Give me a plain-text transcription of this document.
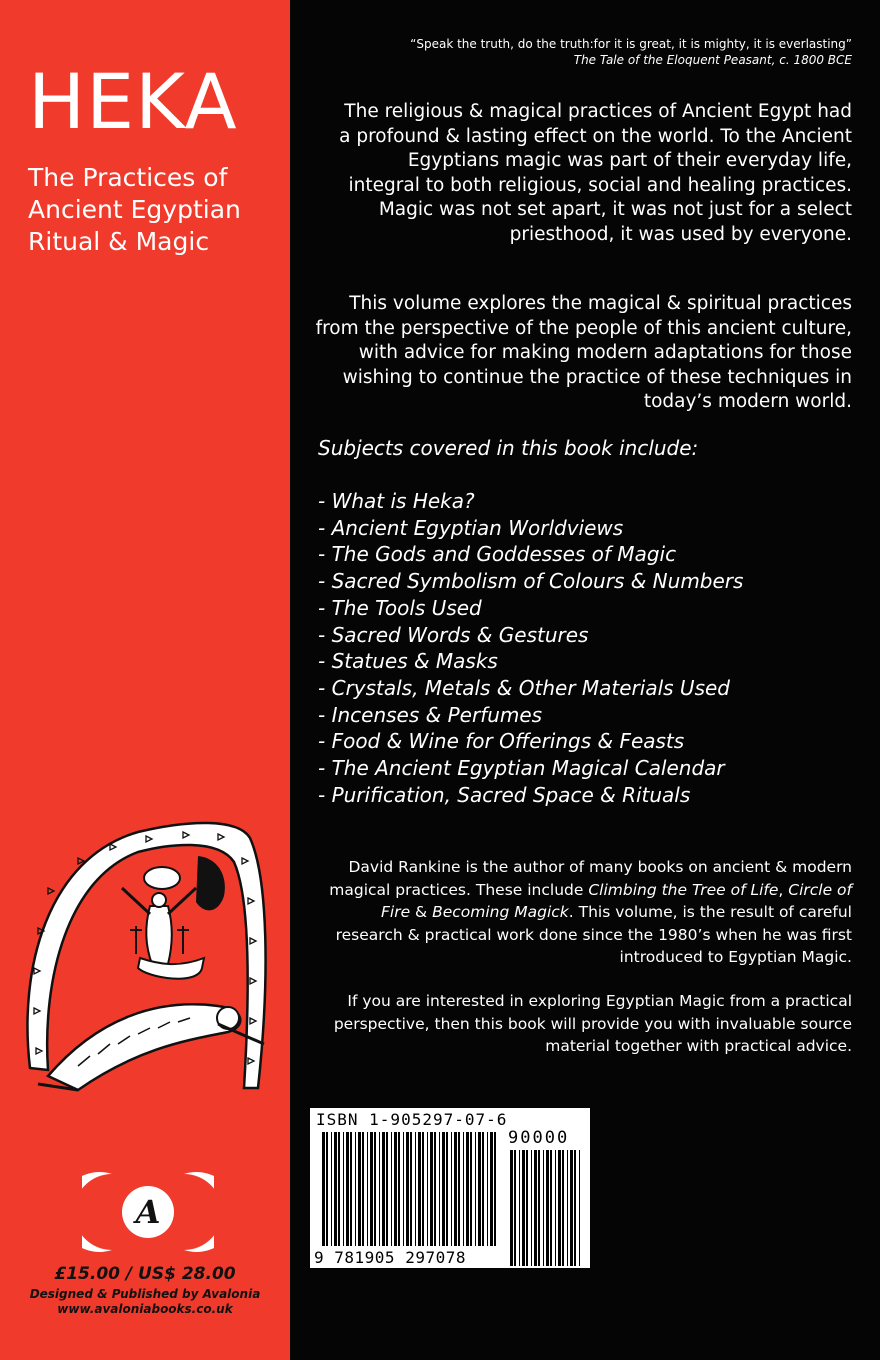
HEKA
The Practices of
Ancient Egyptian
Ritual & Magic
A
£15.00 / US$ 28.00
Designed & Published by Avalonia
www.avaloniabooks.co.uk
“Speak the truth, do the truth:for it is great, it is mighty, it is everlasting”
The Tale of the Eloquent Peasant, c. 1800 BCE
The religious & magical practices of Ancient Egypt had a profound & lasting effect on the world. To the Ancient Egyptians magic was part of their everyday life, integral to both religious, social and healing practices. Magic was not set apart, it was not just for a select priesthood, it was used by everyone.
This volume explores the magical & spiritual practices from the perspective of the people of this ancient culture, with advice for making modern adaptations for those wishing to continue the practice of these techniques in today’s modern world.
Subjects covered in this book include:
- What is Heka?
- Ancient Egyptian Worldviews
- The Gods and Goddesses of Magic
- Sacred Symbolism of Colours & Numbers
- The Tools Used
- Sacred Words & Gestures
- Statues & Masks
- Crystals, Metals & Other Materials Used
- Incenses & Perfumes
- Food & Wine for Offerings & Feasts
- The Ancient Egyptian Magical Calendar
- Purification, Sacred Space & Rituals
David Rankine is the author of many books on ancient & modern magical practices. These include Climbing the Tree of Life, Circle of Fire & Becoming Magick. This volume, is the result of careful research & practical work done since the 1980’s when he was first introduced to Egyptian Magic.
If you are interested in exploring Egyptian Magic from a practical perspective, then this book will provide you with invaluable source material together with practical advice.
ISBN 1-905297-07-6
90000
9 781905 297078
